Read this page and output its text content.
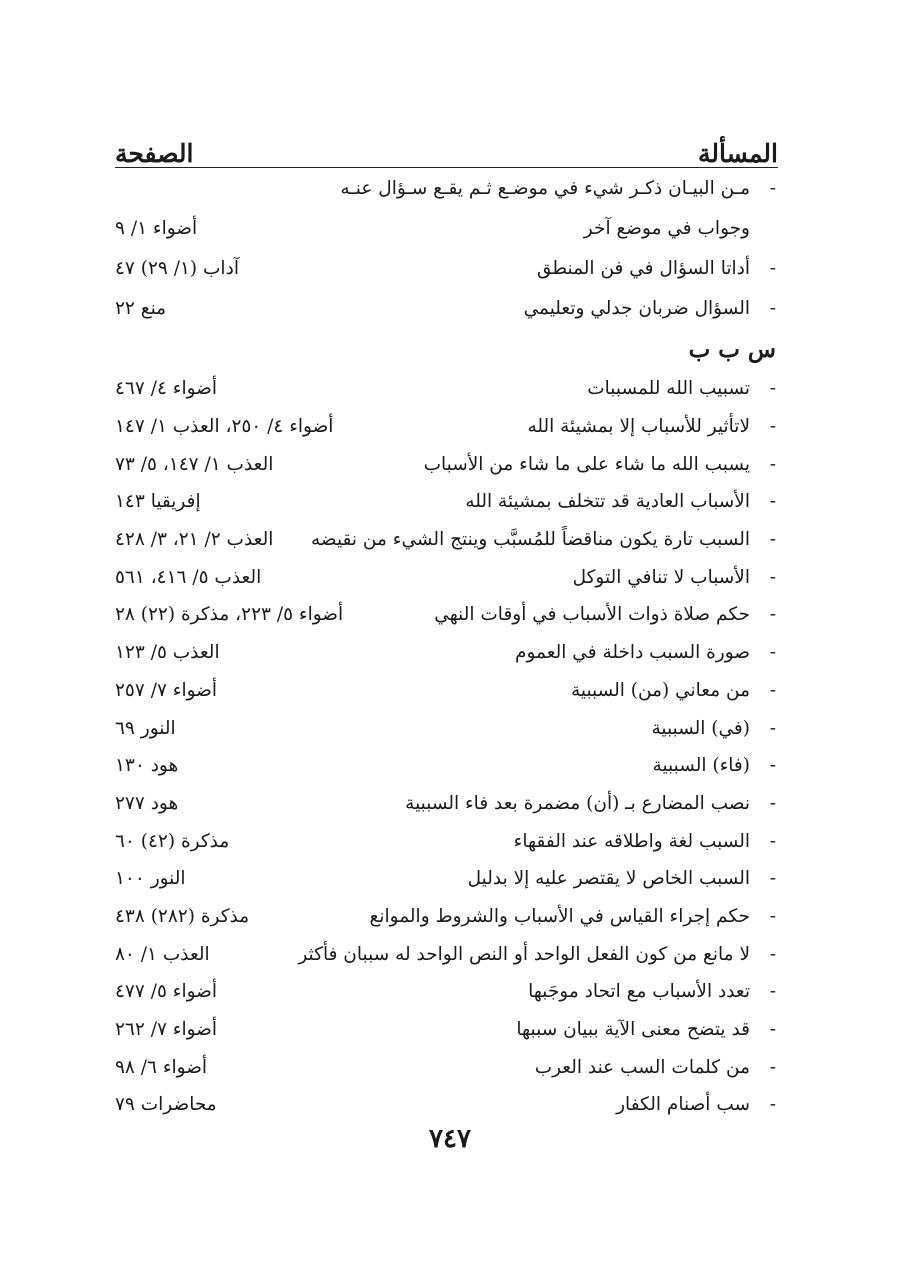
المسألة
الصفحة
-
مـن البيـان ذكـر شيء في موضـع ثـم يقـع سـؤال عنـه
وجواب في موضع آخر
أضواء ١/ ٩
-
أداتا السؤال في فن المنطق
آداب (١/ ٢٩) ٤٧
-
السؤال ضربان جدلي وتعليمي
منع ٢٢
س ب ب
-
تسبيب الله للمسببات
أضواء ٤/ ٤٦٧
-
لاتأثير للأسباب إلا بمشيئة الله
أضواء ٤/ ٢٥٠، العذب ١/ ١٤٧
-
يسبب الله ما شاء على ما شاء من الأسباب
العذب ١/ ١٤٧، ٥/ ٧٣
-
الأسباب العادية قد تتخلف بمشيئة الله
إفريقيا ١٤٣
-
السبب تارة يكون مناقضاً للمُسبَّب وينتج الشيء من نقيضه
العذب ٢/ ٢١، ٣/ ٤٢٨
-
الأسباب لا تنافي التوكل
العذب ٥/ ٤١٦، ٥٦١
-
حكم صلاة ذوات الأسباب في أوقات النهي
أضواء ٥/ ٢٢٣، مذكرة (٢٢) ٢٨
-
صورة السبب داخلة في العموم
العذب ٥/ ١٢٣
-
من معاني (من) السببية
أضواء ٧/ ٢٥٧
-
(في) السببية
النور ٦٩
-
(فاء) السببية
هود ١٣٠
-
نصب المضارع بـ (أن) مضمرة بعد فاء السببية
هود ٢٧٧
-
السبب لغة واطلاقه عند الفقهاء
مذكرة (٤٢) ٦٠
-
السبب الخاص لا يقتصر عليه إلا بدليل
النور ١٠٠
-
حكم إجراء القياس في الأسباب والشروط والموانع
مذكرة (٢٨٢) ٤٣٨
-
لا مانع من كون الفعل الواحد أو النص الواحد له سببان فأكثر
العذب ١/ ٨٠
-
تعدد الأسباب مع اتحاد موجَبها
أضواء ٥/ ٤٧٧
-
قد يتضح معنى الآية ببيان سببها
أضواء ٧/ ٢٦٢
-
من كلمات السب عند العرب
أضواء ٦/ ٩٨
-
سب أصنام الكفار
محاضرات ٧٩
٧٤٧
